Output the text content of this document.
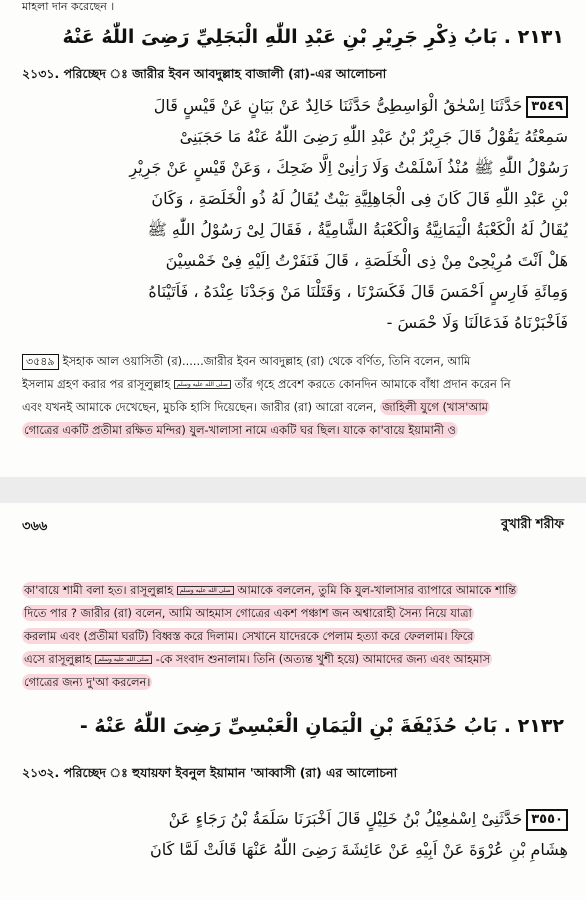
মাহলা দান করেছেন ।
٢١٣١ . بَابُ ذِكْرِ جَرِيْرِ بْنِ عَبْدِ اللّٰهِ الْبَجَلِيِّ رَضِىَ اللّٰهُ عَنْهُ
২১৩১. পরিচ্ছেদ ঃ জারীর ইবন আবদুল্লাহ বাজালী (রা)-এর আলোচনা
٣٥٤٩حَدَّثَنَا اِسْحٰقُ الْوَاسِطِىُّ حَدَّثَنَا خَالِدٌ عَنْ بَيَانٍ عَنْ قَيْسٍ قَالَ
سَمِعْتُهُ يَقُوْلُ قَالَ جَرِيْرُ بْنُ عَبْدِ اللّٰهِ رَضِىَ اللّٰهُ عَنْهُ مَا حَجَبَنِىْ
رَسُوْلُ اللّٰهِ ﷺ مُنْذُ اَسْلَمْتُ وَلَا رَاٰنِىْ اِلَّا ضَحِكَ ، وَعَنْ قَيْسٍ عَنْ جَرِيْرِ
بْنِ عَبْدِ اللّٰهِ قَالَ كَانَ فِى الْجَاهِلِيَّةِ بَيْتٌ يُقَالُ لَهُ ذُو الْخَلَصَةِ ، وَكَانَ
يُقَالُ لَهُ الْكَعْبَةُ الْيَمَانِيَّةُ وَالْكَعْبَةُ الشَّامِيَّةُ ، فَقَالَ لِىْ رَسُوْلُ اللّٰهِ ﷺ
هَلْ اَنْتَ مُرِيْحِىْ مِنْ ذِى الْخَلَصَةِ ، قَالَ فَنَفَرْتُ اِلَيْهِ فِىْ خَمْسِيْنَ
وَمِائَةِ فَارِسٍ اَحْمَسَ قَالَ فَكَسَرْنَا ، وَقَتَلْنَا مَنْ وَجَدْنَا عِنْدَهُ ، فَاَتَيْنَاهُ
فَاَخْبَرْنَاهُ فَدَعَالَنَا وَلَا حْمَسَ -
৩৫৪৯ ইসহাক আল ওয়াসিতী (র)......জারীর ইবন আবদুল্লাহ (রা) থেকে বর্ণিত, তিনি বলেন, আমি
ইসলাম গ্রহণ করার পর রাসূলুল্লাহ صلى الله عليه وسلم তাঁর গৃহে প্রবেশ করতে কোনদিন আমাকে বাঁধা প্রদান করেন নি
এবং যখনই আমাকে দেখেছেন, মুচকি হাসি দিয়েছেন। জারীর (রা) আরো বলেন, জাহিলী যুগে (খাস'আম
গোত্রের একটি প্রতীমা রক্ষিত মন্দির) যুল-খালাসা নামে একটি ঘর ছিল। যাকে কা'বায়ে ইয়ামানী ও
৩৬৬	বুখারী শরীফ
কা'বায়ে শামী বলা হত। রাসূলুল্লাহ صلى الله عليه وسلم আমাকে বললেন, তুমি কি যুল-খালাসার ব্যাপারে আমাকে শান্তি
দিতে পার ? জারীর (রা) বলেন, আমি আহমাস গোত্রের একশ পঞ্চাশ জন অশ্বারোহী সৈন্য নিয়ে যাত্রা
করলাম এবং (প্রতীমা ঘরটি) বিধ্বস্ত করে দিলাম। সেখানে যাদেরকে পেলাম হত্যা করে ফেললাম। ফিরে
এসে রাসূলুল্লাহ صلى الله عليه وسلم -কে সংবাদ শুনালাম। তিনি (অত্যন্ত খুশী হয়ে) আমাদের জন্য এবং আহমাস
গোত্রের জন্য দু'আ করলেন।
٢١٣٢ . بَابُ حُذَيْفَةَ بْنِ الْيَمَانِ الْعَبْسِىِّ رَضِىَ اللّٰهُ عَنْهُ -
২১৩২. পরিচ্ছেদ ঃ হুযায়ফা ইবনুল ইয়ামান 'আব্বাসী (রা) এর আলোচনা
٣٥٥٠حَدَّثَنِىْ اِسْمٰعِيْلُ بْنُ خَلِيْلٍ قَالَ اَخْبَرَنَا سَلَمَةُ بْنُ رَجَاءٍ عَنْ
هِشَامِ بْنِ عُرْوَةَ عَنْ اَبِيْهِ عَنْ عَائِشَةَ رَضِىَ اللّٰهُ عَنْهَا قَالَتْ لَمَّا كَانَ
